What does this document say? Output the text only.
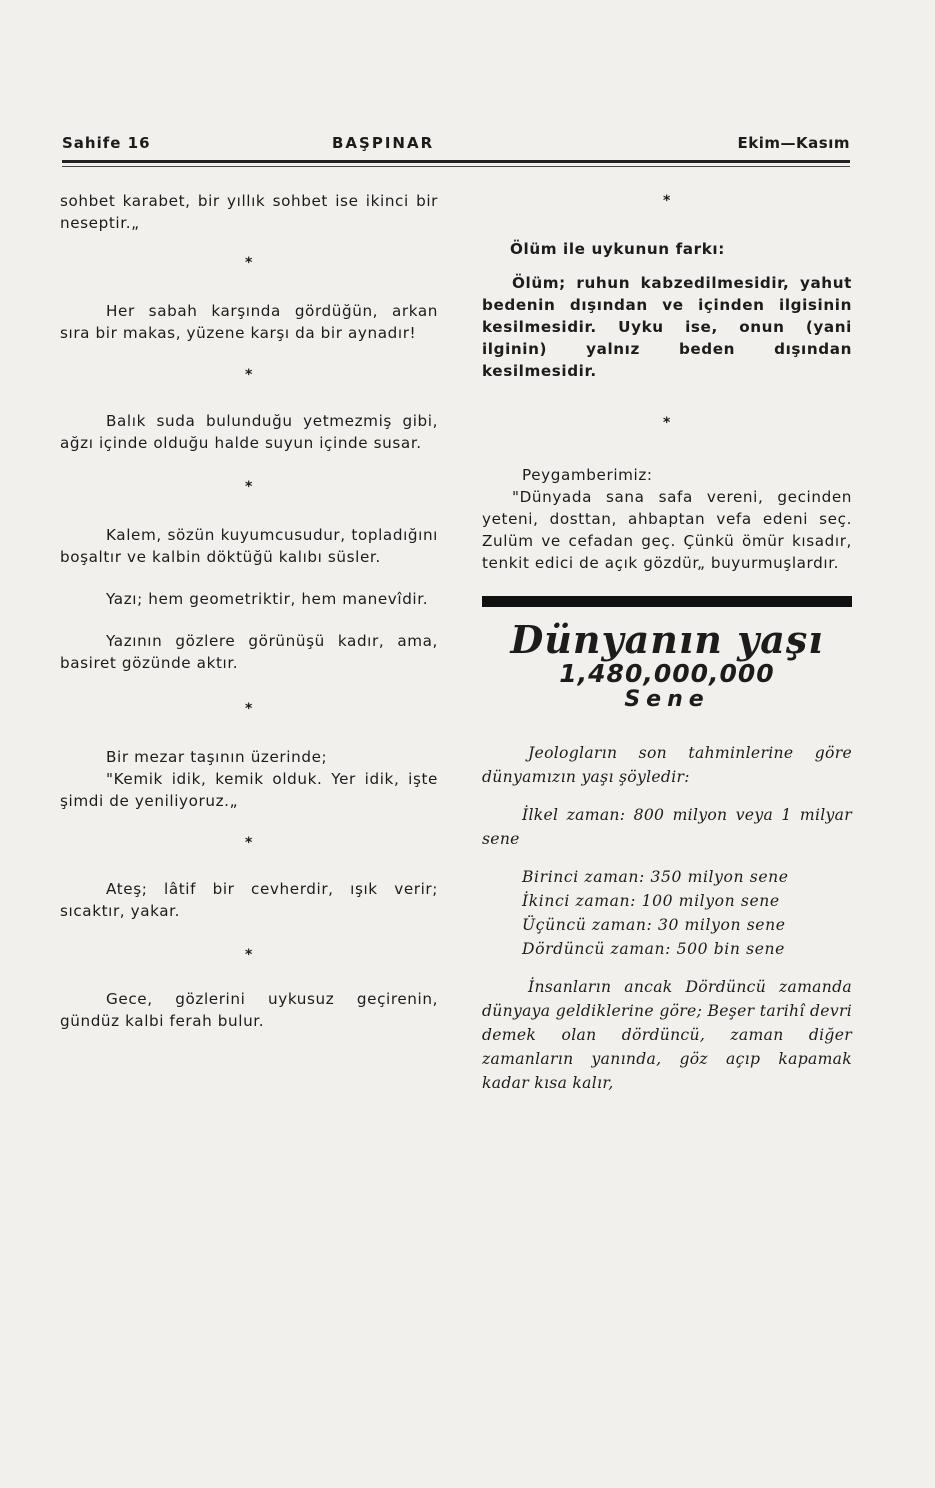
Sahife 16	BAŞPINAR	Ekim—Kasım
sohbet karabet, bir yıllık sohbet ise ikinci bir neseptir.„
*
Her sabah karşında gördüğün, arkan sıra bir makas, yüzene karşı da bir aynadır!
*
Balık suda bulunduğu yetmezmiş gibi, ağzı içinde olduğu halde suyun içinde susar.
*
Kalem, sözün kuyumcusudur, topladığını boşaltır ve kalbin döktüğü kalıbı süsler.
Yazı; hem geometriktir, hem manevîdir.
Yazının gözlere görünüşü kadır, ama, basiret gözünde aktır.
*
Bir mezar taşının üzerinde;
"Kemik idik, kemik olduk. Yer idik, işte şimdi de yeniliyoruz.„
*
Ateş; lâtif bir cevherdir, ışık verir; sıcaktır, yakar.
*
Gece, gözlerini uykusuz geçirenin, gündüz kalbi ferah bulur.
*
Ölüm ile uykunun farkı:
Ölüm; ruhun kabzedilmesidir, yahut bedenin dışından ve içinden ilgisinin kesilmesidir. Uyku ise, onun (yani ilginin) yalnız beden dışından kesilmesidir.
*
Peygamberimiz:
"Dünyada sana safa vereni, gecinden yeteni, dosttan, ahbaptan vefa edeni seç. Zulüm ve cefadan geç. Çünkü ömür kısadır, tenkit edici de açık gözdür„ buyurmuşlardır.
Dünyanın yaşı
1,480,000,000
Sene
Jeologların son tahminlerine göre dünyamızın yaşı şöyledir:
İlkel zaman: 800 milyon veya 1 milyar sene
Birinci zaman: 350 milyon sene
İkinci zaman: 100 milyon sene
Üçüncü zaman: 30 milyon sene
Dördüncü zaman: 500 bin sene
İnsanların ancak Dördüncü zamanda dünyaya geldiklerine göre; Beşer tarihî devri demek olan dördüncü, zaman diğer zamanların yanında, göz açıp kapamak kadar kısa kalır,
